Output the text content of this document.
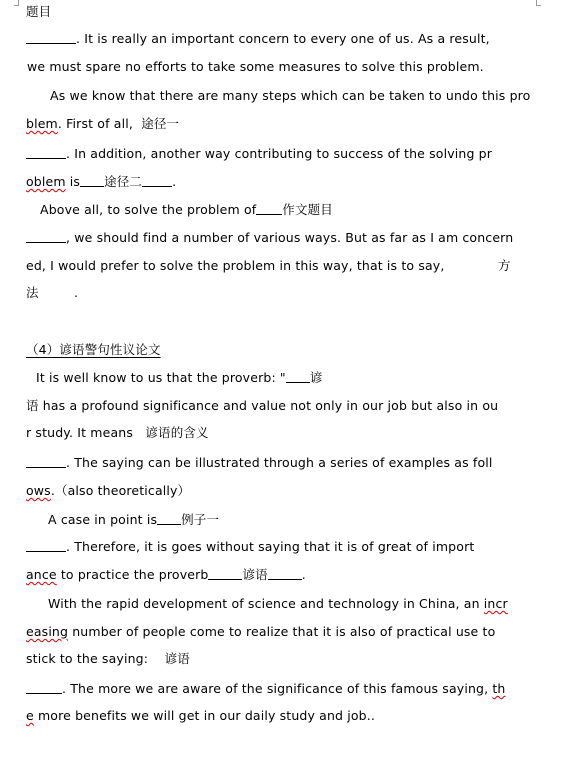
题目
. It is really an important concern to every one of us. As a result,
we must spare no efforts to take some measures to solve this problem.
As we know that there are many steps which can be taken to undo this pro
blem. First of all, 途径一
. In addition, another way contributing to success of the solving pr
oblem is 途径二 .
Above all, to solve the problem of 作文题目
, we should find a number of various ways. But as far as I am concern
ed, I would prefer to solve the problem in this way, that is to say,	方
法	.
（4）谚语警句性议论文
It is well know to us that the proverb: " 谚
语 has a profound significance and value not only in our job but also in ou
r study. It means 谚语的含义
. The saying can be illustrated through a series of examples as foll
ows.（also theoretically）
A case in point is 例子一
. Therefore, it is goes without saying that it is of great of import
ance to practice the proverb	谚语	.
With the rapid development of science and technology in China, an incr
easing number of people come to realize that it is also of practical use to
stick to the saying: 谚语
. The more we are aware of the significance of this famous saying, th
e more benefits we will get in our daily study and job..
